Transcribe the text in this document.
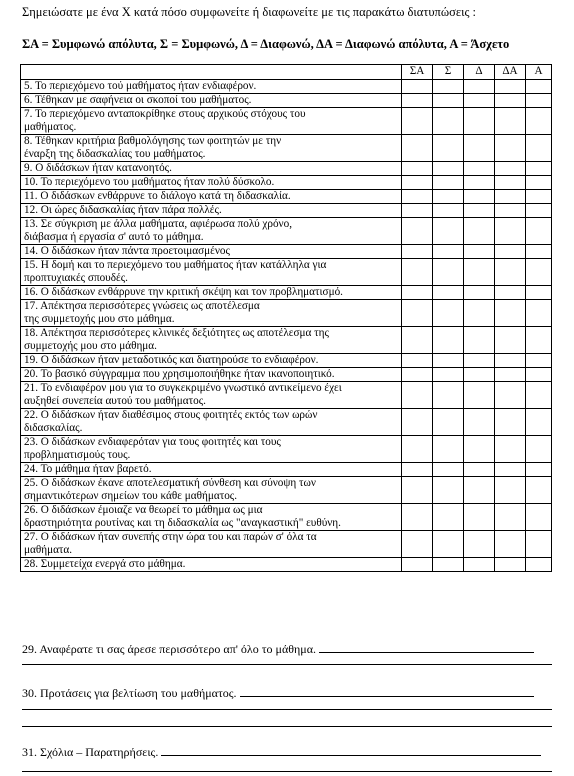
Σημειώσατε με ένα Χ κατά πόσο συμφωνείτε ή διαφωνείτε με τις παρακάτω διατυπώσεις :
ΣΑ = Συμφωνώ απόλυτα, Σ = Συμφωνώ, Δ = Διαφωνώ, ΔΑ = Διαφωνώ απόλυτα, Α = Άσχετο
	ΣΑ	Σ	Δ	ΔΑ	Α

5. Το περιεχόμενο τού μαθήματος ήταν ενδιαφέρον.					

6. Τέθηκαν με σαφήνεια οι σκοποί του μαθήματος.					

7. Το περιεχόμενο ανταποκρίθηκε στους αρχικούς στόχους του
μαθήματος.					

8. Τέθηκαν κριτήρια βαθμολόγησης των φοιτητών με την
έναρξη της διδασκαλίας του μαθήματος.					

9. Ο διδάσκων ήταν κατανοητός.					

10. Το περιεχόμενο του μαθήματος ήταν πολύ δύσκολο.					

11. Ο διδάσκων ενθάρρυνε το διάλογο κατά τη διδασκαλία.					

12. Οι ώρες διδασκαλίας ήταν πάρα πολλές.					

13. Σε σύγκριση με άλλα μαθήματα, αφιέρωσα πολύ χρόνο,
διάβασμα ή εργασία σ' αυτό το μάθημα.					

14. Ο διδάσκων ήταν πάντα προετοιμασμένος					

15. Η δομή και το περιεχόμενο του μαθήματος ήταν κατάλληλα για
προπτυχιακές σπουδές.					

16. Ο διδάσκων ενθάρρυνε την κριτική σκέψη και τον προβληματισμό.					

17. Απέκτησα περισσότερες γνώσεις ως αποτέλεσμα
της συμμετοχής μου στο μάθημα.					

18. Απέκτησα περισσότερες κλινικές δεξιότητες ως αποτέλεσμα της
συμμετοχής μου στο μάθημα.					

19. Ο διδάσκων ήταν μεταδοτικός και διατηρούσε το ενδιαφέρον.					

20. Το βασικό σύγγραμμα που χρησιμοποιήθηκε ήταν ικανοποιητικό.					

21. Το ενδιαφέρον μου για το συγκεκριμένο γνωστικό αντικείμενο έχει
αυξηθεί συνεπεία αυτού του μαθήματος.					

22. Ο διδάσκων ήταν διαθέσιμος στους φοιτητές εκτός των ωρών
διδασκαλίας.					

23. Ο διδάσκων ενδιαφερόταν για τους φοιτητές και τους
προβληματισμούς τους.					

24. Το μάθημα ήταν βαρετό.					

25. Ο διδάσκων έκανε αποτελεσματική σύνθεση και σύνοψη των
σημαντικότερων σημείων του κάθε μαθήματος.					

26. Ο διδάσκων έμοιαζε να θεωρεί το μάθημα ως μια
δραστηριότητα ρουτίνας και τη διδασκαλία ως "αναγκαστική" ευθύνη.					

27. Ο διδάσκων ήταν συνεπής στην ώρα του και παρών σ' όλα τα
μαθήματα.					

28. Συμμετείχα ενεργά στο μάθημα.					

29. Αναφέρατε τι σας άρεσε περισσότερο απ' όλο το μάθημα.
30. Προτάσεις για βελτίωση του μαθήματος.
31. Σχόλια – Παρατηρήσεις.
